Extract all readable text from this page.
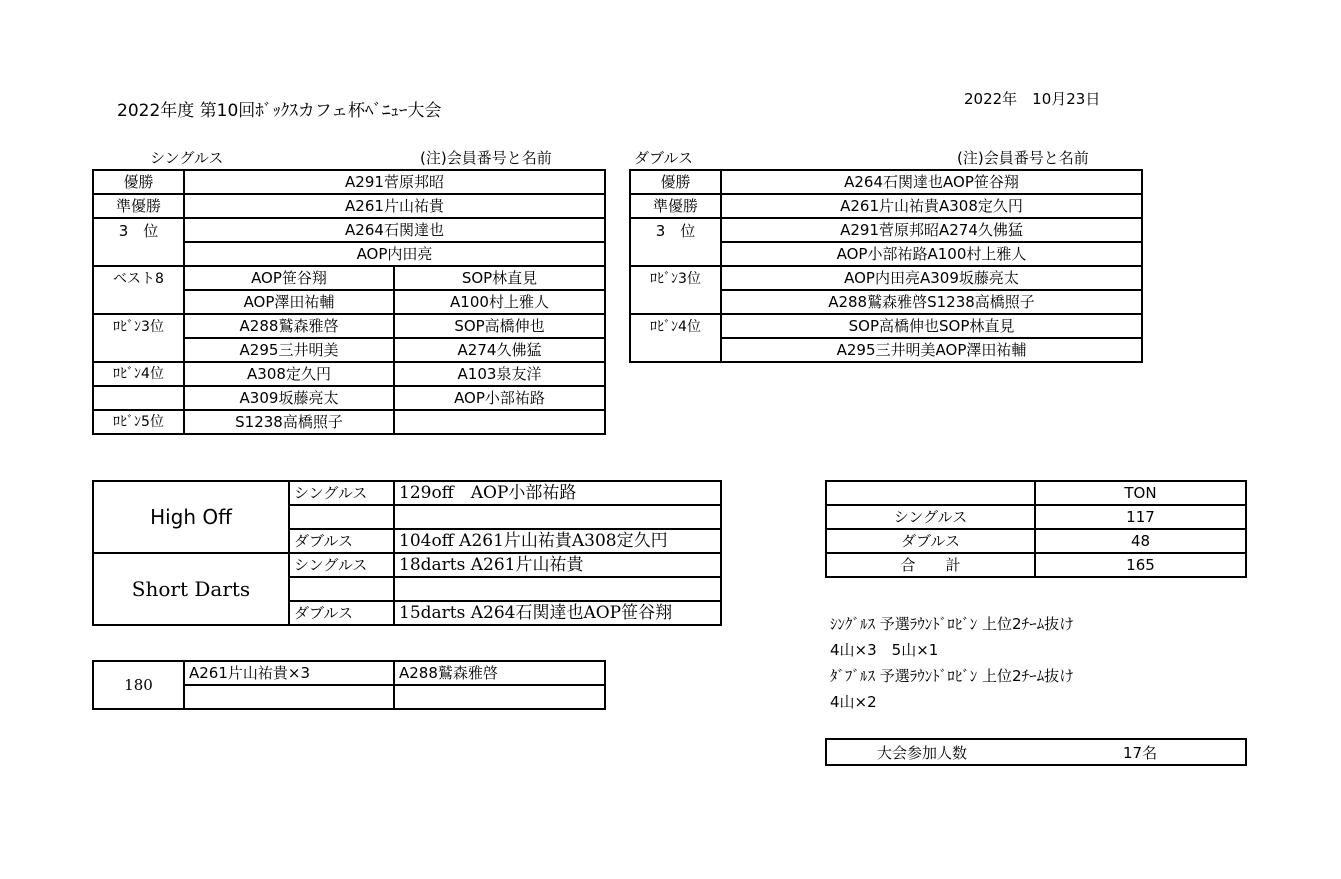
2022年度 第10回ﾎﾞｯｸｽカフェ杯ﾍﾞﾆｭｰ大会
2022年　10月23日
シングルス	(注)会員番号と名前
優勝	A291菅原邦昭	
準優勝	A261片山祐貴	
3　位	A264石関達也	
	AOP内田亮	
ベスト8	AOP笹谷翔	SOP林直見
	AOP澤田祐輔	A100村上雅人
ﾛﾋﾞﾝ3位	A288鷲森雅啓	SOP高橋伸也
	A295三井明美	A274久佛猛
ﾛﾋﾞﾝ4位	A308定久円	A103泉友洋
	A309坂藤亮太	AOP小部祐路
ﾛﾋﾞﾝ5位	S1238高橋照子	
ダブルス	(注)会員番号と名前
優勝	A264石関達也AOP笹谷翔
準優勝	A261片山祐貴A308定久円
3　位	A291菅原邦昭A274久佛猛
	AOP小部祐路A100村上雅人
ﾛﾋﾞﾝ3位	AOP内田亮A309坂藤亮太
	A288鷲森雅啓S1238高橋照子
ﾛﾋﾞﾝ4位	SOP高橋伸也SOP林直見
	A295三井明美AOP澤田祐輔
High Off	シングルス	129off　AOP小部祐路

	ダブルス	104off A261片山祐貴A308定久円
Short Darts	シングルス	18darts A261片山祐貴

	ダブルス	15darts A264石関達也AOP笹谷翔
180	A261片山祐貴×3	A288鷲森雅啓

	TON
シングルス	117
ダブルス	48
合　　計	165
ｼﾝｸﾞﾙｽ 予選ﾗｳﾝﾄﾞﾛﾋﾞﾝ 上位2ﾁｰﾑ抜け
4山×3　5山×1
ﾀﾞﾌﾞﾙｽ 予選ﾗｳﾝﾄﾞﾛﾋﾞﾝ 上位2ﾁｰﾑ抜け
4山×2
大会参加人数	17名
